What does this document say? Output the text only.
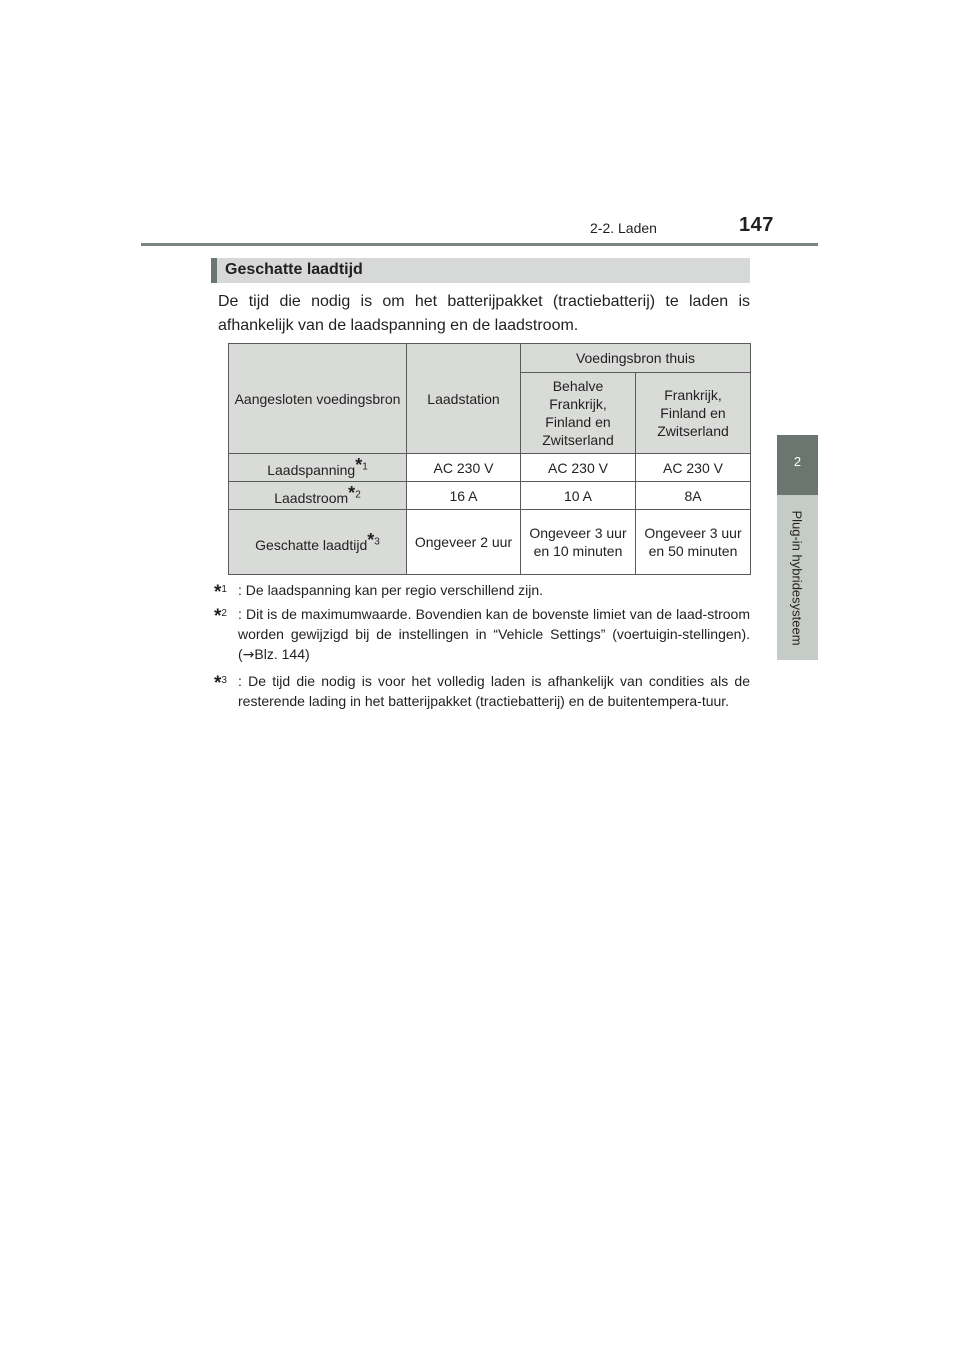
2-2. Laden	147
2
Plug-in hybridesysteem
Geschatte laadtijd
De tijd die nodig is om het batterijpakket (tractiebatterij) te laden is afhankelijk van de laadspanning en de laadstroom.
Aangesloten voedingsbron	Laadstation	Voedingsbron thuis	
		Behalve Frankrijk, Finland en Zwitserland	Frankrijk, Finland en Zwitserland
Laadspanning*$^1$	AC 230 V	AC 230 V	AC 230 V
Laadstroom*$^2$	16 A	10 A	8A
Geschatte laadtijd*$^3$	Ongeveer 2 uur	Ongeveer 3 uur en 10 minuten	Ongeveer 3 uur en 50 minuten
*$^1$ : De laadspanning kan per regio verschillend zijn.
*$^2$ : Dit is de maximumwaarde. Bovendien kan de bovenste limiet van de laad-stroom worden gewijzigd bij de instellingen in “Vehicle Settings” (voertuigin-stellingen). (→Blz. 144)
*$^3$ : De tijd die nodig is voor het volledig laden is afhankelijk van condities als de resterende lading in het batterijpakket (tractiebatterij) en de buitentempera-tuur.
